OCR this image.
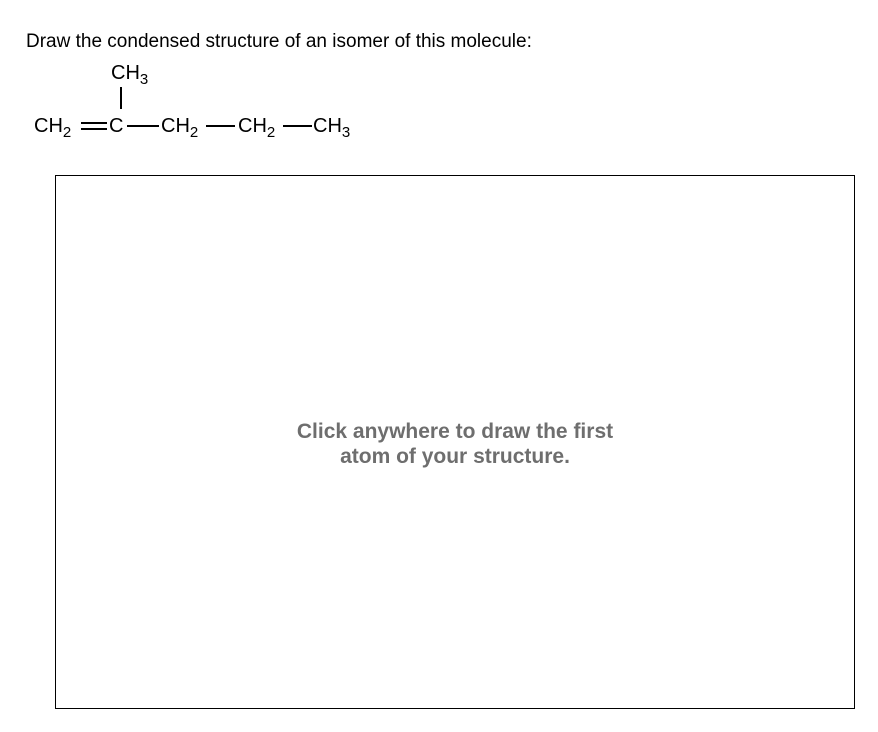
Draw the condensed structure of an isomer of this molecule:
$CH_3$
$CH_2$ C $CH_2$ $CH_2$ $CH_3$
Click anywhere to draw the first
atom of your structure.
